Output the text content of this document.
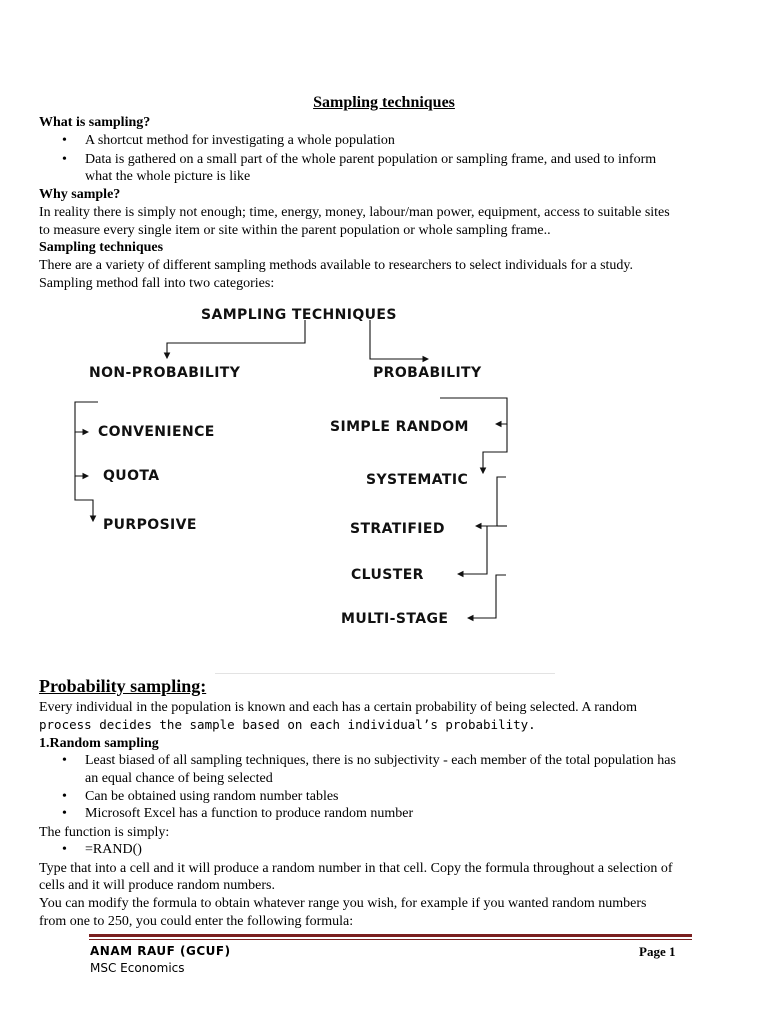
Sampling techniques
What is sampling?
• A shortcut method for investigating a whole population
• Data is gathered on a small part of the whole parent population or sampling frame, and used to inform
what the whole picture is like
Why sample?
In reality there is simply not enough; time, energy, money, labour/man power, equipment, access to suitable sites
to measure every single item or site within the parent population or whole sampling frame..
Sampling techniques
There are a variety of different sampling methods available to researchers to select individuals for a study.
Sampling method fall into two categories:
SAMPLING TECHNIQUES
NON-PROBABILITY	PROBABILITY
CONVENIENCE
QUOTA
PURPOSIVE
SIMPLE RANDOM
SYSTEMATIC
STRATIFIED
CLUSTER
MULTI-STAGE
Probability sampling:
Every individual in the population is known and each has a certain probability of being selected. A random
process decides the sample based on each individual’s probability.
1.Random sampling
• Least biased of all sampling techniques, there is no subjectivity - each member of the total population has
an equal chance of being selected
• Can be obtained using random number tables
• Microsoft Excel has a function to produce random number
The function is simply:
• =RAND()
Type that into a cell and it will produce a random number in that cell. Copy the formula throughout a selection of
cells and it will produce random numbers.
You can modify the formula to obtain whatever range you wish, for example if you wanted random numbers
from one to 250, you could enter the following formula:
ANAM RAUF (GCUF)
MSC Economics
Page 1
